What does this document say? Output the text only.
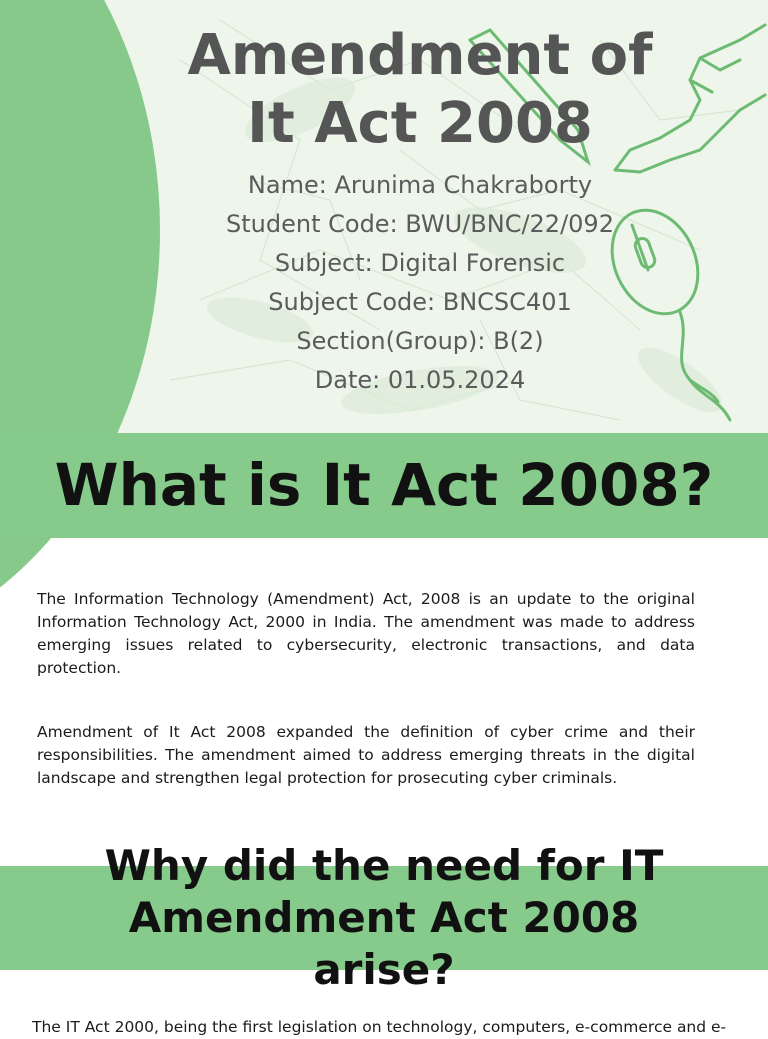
Amendment of It Act 2008
Name: Arunima Chakraborty
Student Code: BWU/BNC/22/092
Subject: Digital Forensic
Subject Code: BNCSC401
Section(Group): B(2)
Date: 01.05.2024
What is It Act 2008?

The Information Technology (Amendment) Act, 2008 is an update to the original Information Technology Act, 2000 in India. The amendment was made to address emerging issues related to cybersecurity, electronic transactions, and data protection.

Amendment of It Act 2008 expanded the definition of cyber crime and their responsibilities. The amendment aimed to address emerging threats in the digital landscape and strengthen legal protection for prosecuting cyber criminals.

Why did the need for IT
Amendment Act 2008
arise?

The IT Act 2000, being the first legislation on technology, computers, e-commerce and e-
